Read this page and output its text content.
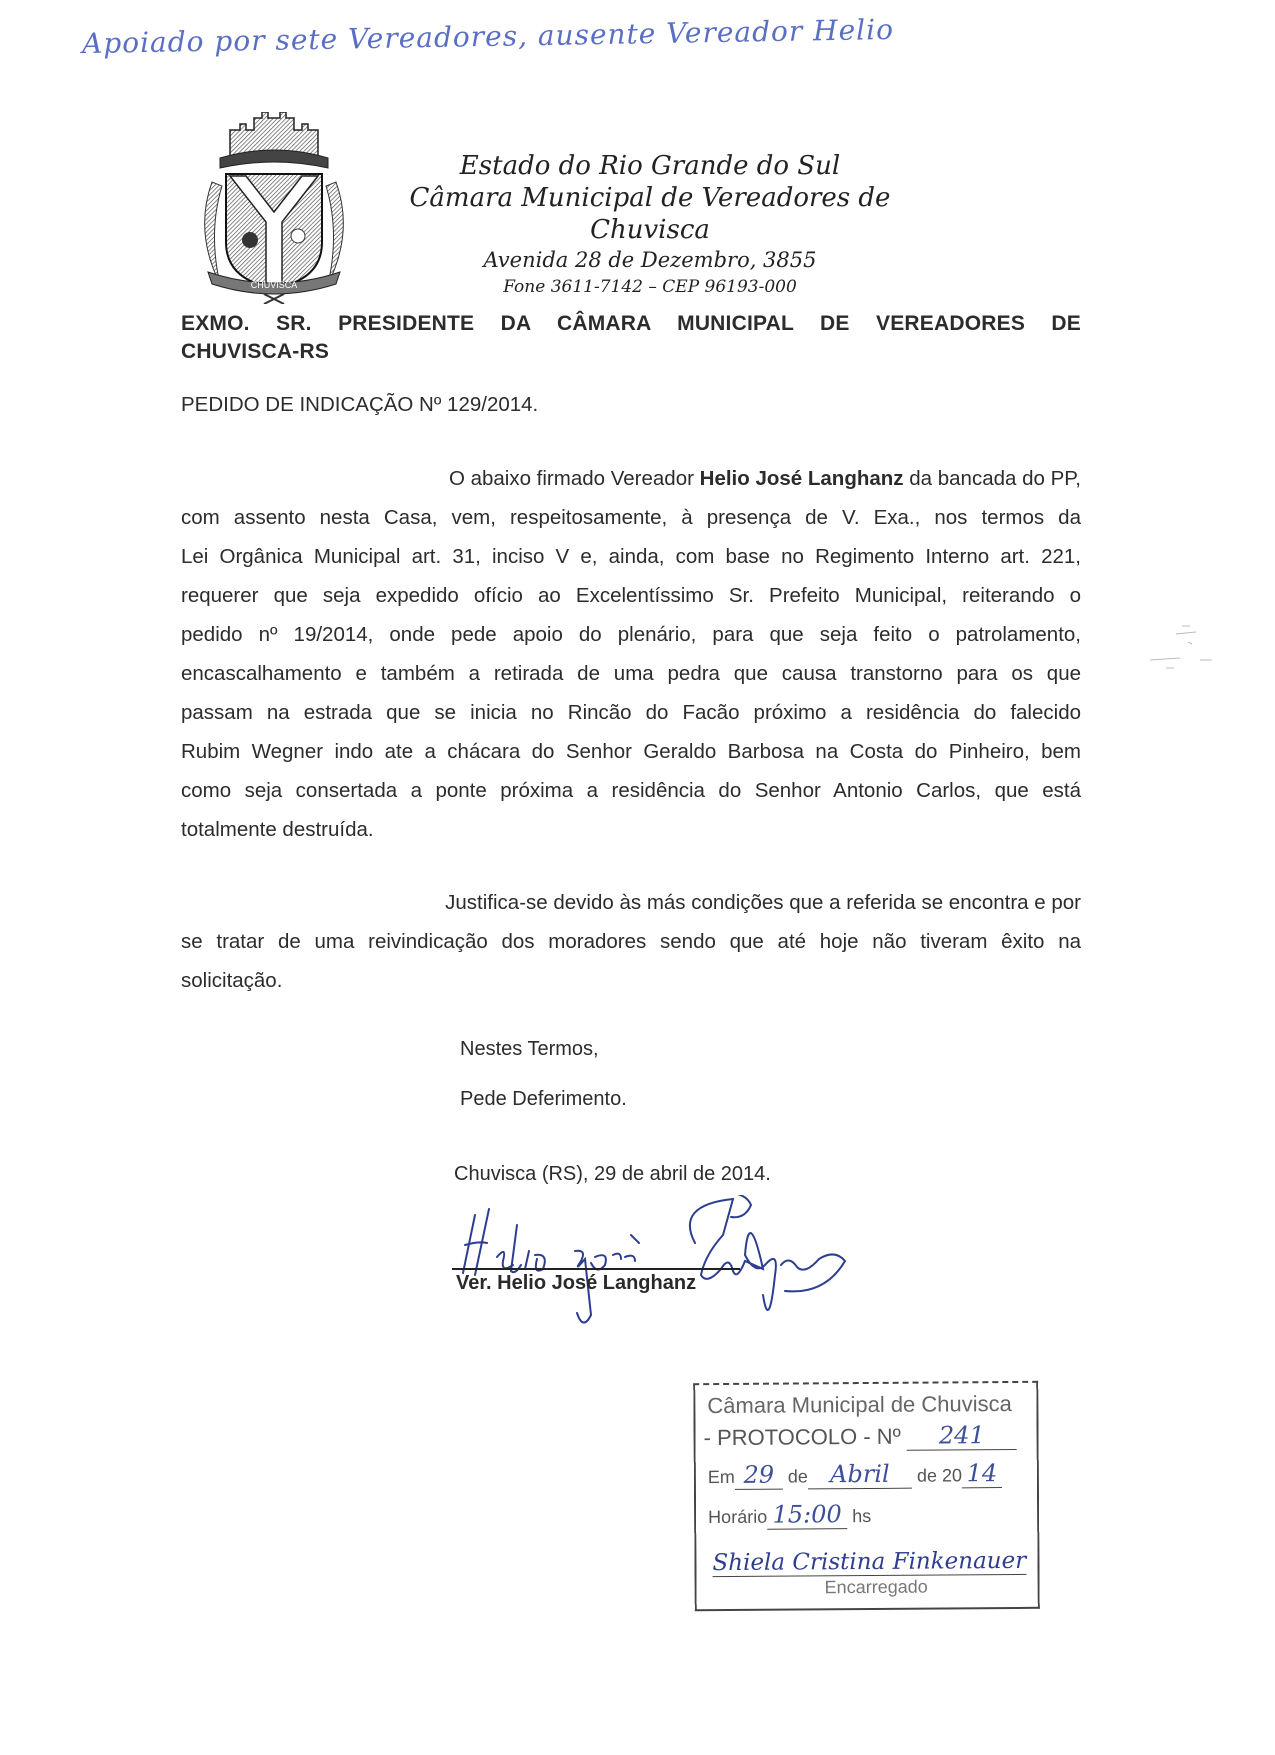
Apoiado por sete Vereadores, ausente Vereador Helio
CHUVISCA
Estado do Rio Grande do Sul
Câmara Municipal de Vereadores de Chuvisca
Avenida 28 de Dezembro, 3855
Fone 3611-7142 – CEP 96193-000
EXMO.  SR.  PRESIDENTE  DA  CÂMARA  MUNICIPAL  DE  VEREADORES  DE
CHUVISCA-RS
PEDIDO DE INDICAÇÃO Nº 129/2014.
O abaixo firmado Vereador Helio José Langhanz da bancada do PP,
com assento nesta Casa, vem, respeitosamente, à presença de V. Exa., nos termos da
Lei Orgânica Municipal art. 31, inciso V e, ainda, com base no Regimento Interno art. 221,
requerer que seja expedido ofício ao Excelentíssimo Sr. Prefeito Municipal, reiterando o
pedido nº 19/2014, onde pede apoio do plenário, para que seja feito o patrolamento,
encascalhamento e também a retirada de uma pedra que causa transtorno para os que
passam na estrada que se inicia no Rincão do Facão próximo a residência do falecido
Rubim Wegner indo ate a chácara do Senhor Geraldo Barbosa na Costa do Pinheiro, bem
como seja consertada a ponte próxima a residência do Senhor Antonio Carlos, que está
totalmente destruída.
Justifica-se devido às más condições que a referida se encontra e por
se tratar de uma reivindicação dos moradores sendo que até hoje não tiveram êxito na
solicitação.
Nestes Termos,
Pede Deferimento.
Chuvisca (RS), 29 de abril de 2014.
Ver. Helio José Langhanz
Câmara Municipal de Chuvisca
- PROTOCOLO - Nº 241
Em 29 de Abril de 20 14
Horário 15:00 hs
Shiela Cristina Finkenauer
Encarregado
